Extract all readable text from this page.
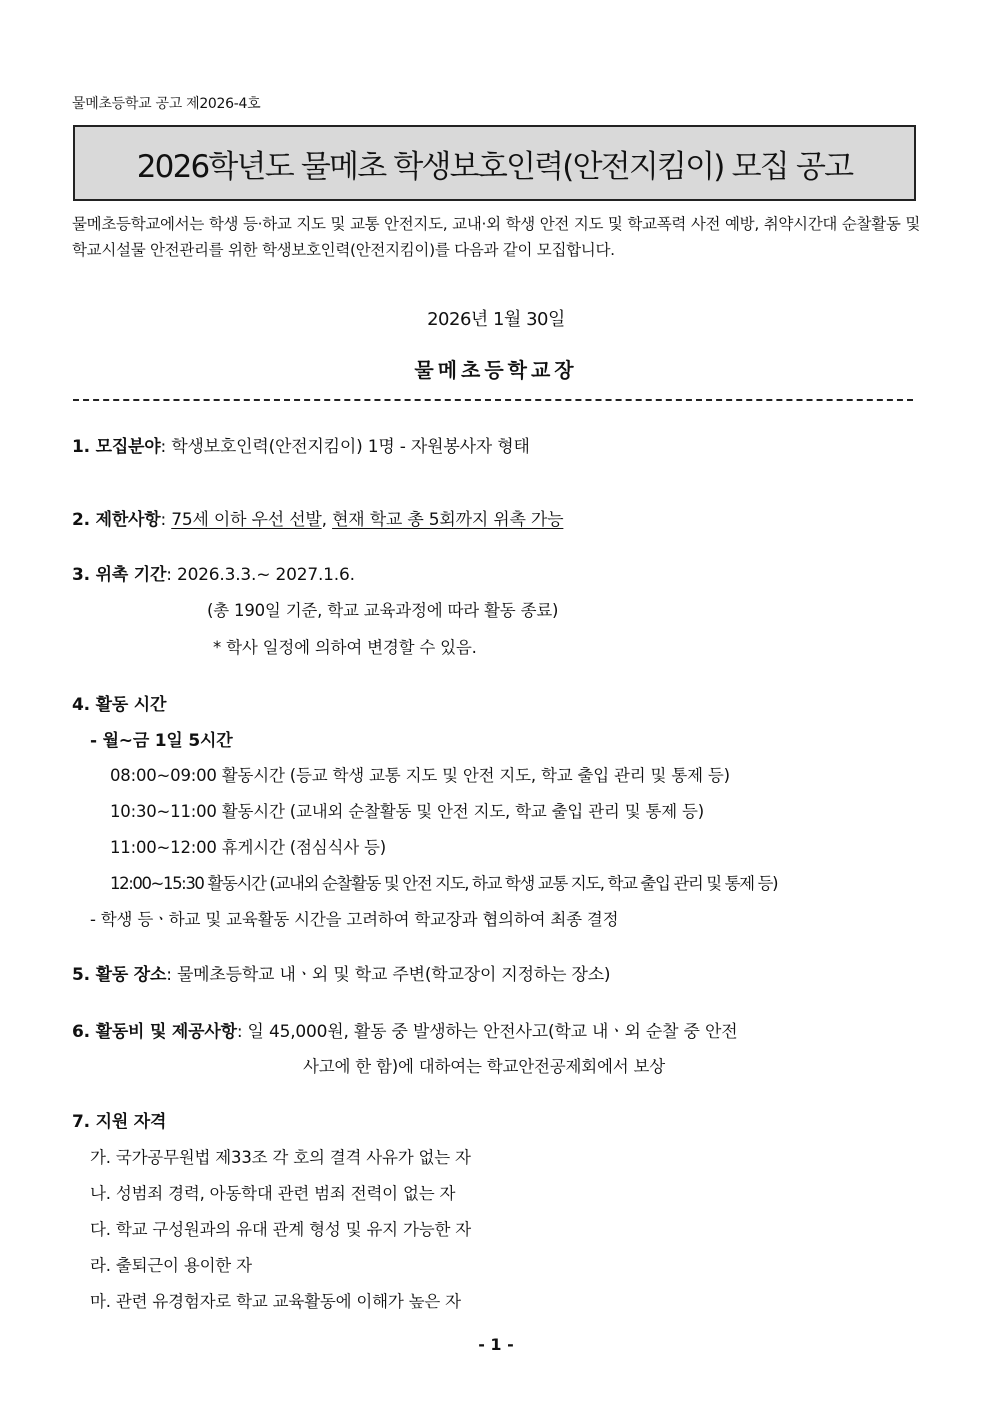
물메초등학교 공고 제2026-4호
2026학년도 물메초 학생보호인력(안전지킴이) 모집 공고
물메초등학교에서는 학생 등·하교 지도 및 교통 안전지도, 교내·외 학생 안전 지도 및 학교폭력 사전 예방, 취약시간대 순찰활동 및 학교시설물 안전관리를 위한 학생보호인력(안전지킴이)를 다음과 같이 모집합니다.
2026년 1월 30일
물메초등학교장
1. 모집분야: 학생보호인력(안전지킴이) 1명 - 자원봉사자 형태
2. 제한사항: 75세 이하 우선 선발, 현재 학교 총 5회까지 위촉 가능
3. 위촉 기간: 2026.3.3.~ 2027.1.6.
(총 190일 기준, 학교 교육과정에 따라 활동 종료)
* 학사 일정에 의하여 변경할 수 있음.
4. 활동 시간
- 월~금 1일 5시간
08:00~09:00 활동시간 (등교 학생 교통 지도 및 안전 지도, 학교 출입 관리 및 통제 등)
10:30~11:00 활동시간 (교내외 순찰활동 및 안전 지도, 학교 출입 관리 및 통제 등)
11:00~12:00 휴게시간 (점심식사 등)
12:00~15:30 활동시간 (교내외 순찰활동 및 안전 지도, 하교 학생 교통 지도, 학교 출입 관리 및 통제 등)
- 학생 등ㆍ하교 및 교육활동 시간을 고려하여 학교장과 협의하여 최종 결정
5. 활동 장소: 물메초등학교 내ㆍ외 및 학교 주변(학교장이 지정하는 장소)
6. 활동비 및 제공사항: 일 45,000원, 활동 중 발생하는 안전사고(학교 내ㆍ외 순찰 중 안전
사고에 한 함)에 대하여는 학교안전공제회에서 보상
7. 지원 자격
가. 국가공무원법 제33조 각 호의 결격 사유가 없는 자
나. 성범죄 경력, 아동학대 관련 범죄 전력이 없는 자
다. 학교 구성원과의 유대 관계 형성 및 유지 가능한 자
라. 출퇴근이 용이한 자
마. 관련 유경험자로 학교 교육활동에 이해가 높은 자
- 1 -
